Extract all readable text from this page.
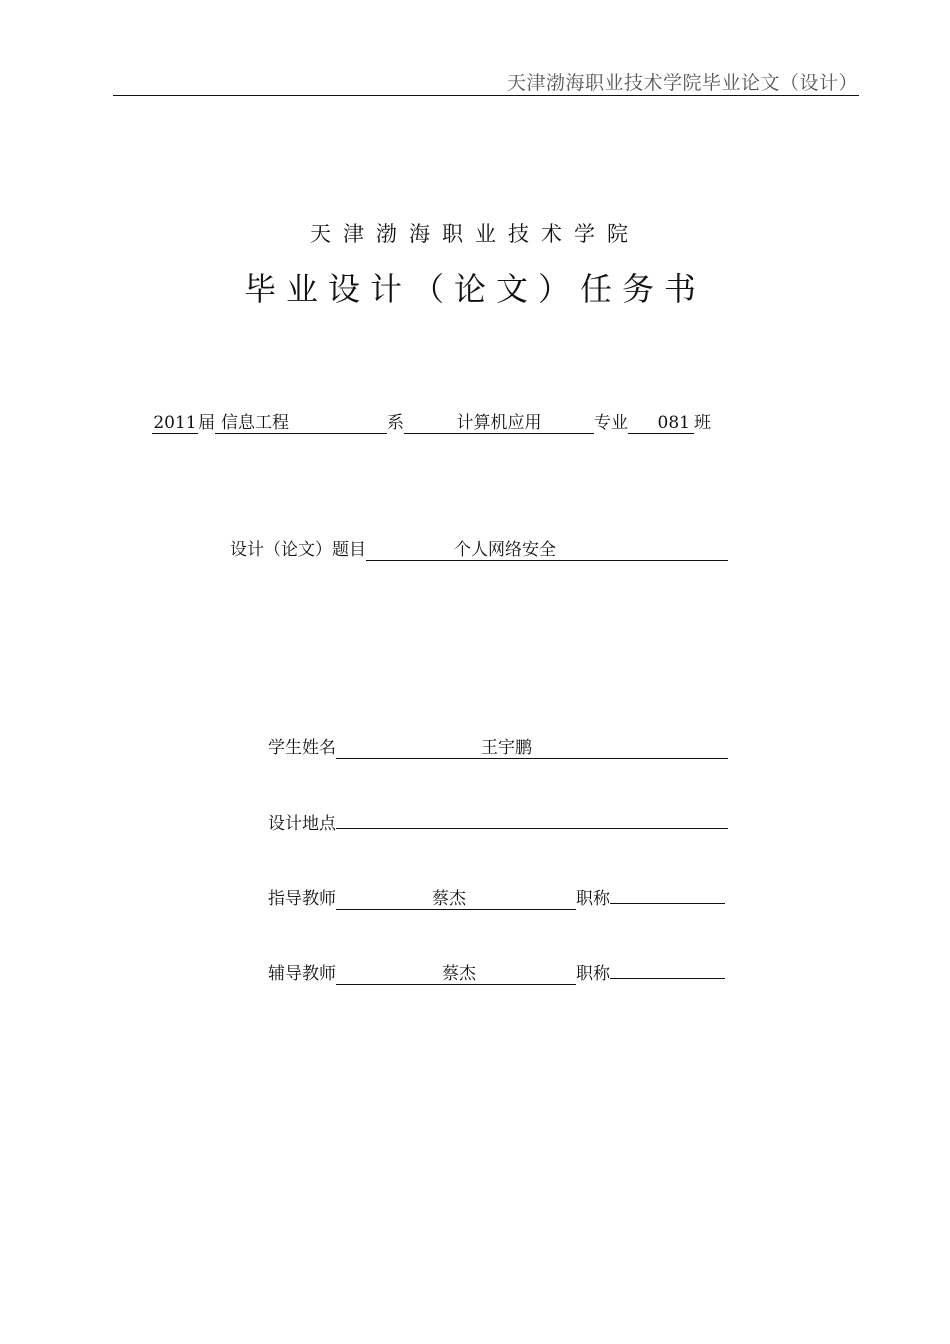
天津渤海职业技术学院毕业论文（设计）
天津渤海职业技术学院
毕业设计（论文）任务书
2011届 信息工程	系	计算机应用	专业 081 班
设计（论文）题目	个人网络安全
学生姓名	王宇鹏
设计地点
指导教师	蔡杰	职称
辅导教师	蔡杰	职称
